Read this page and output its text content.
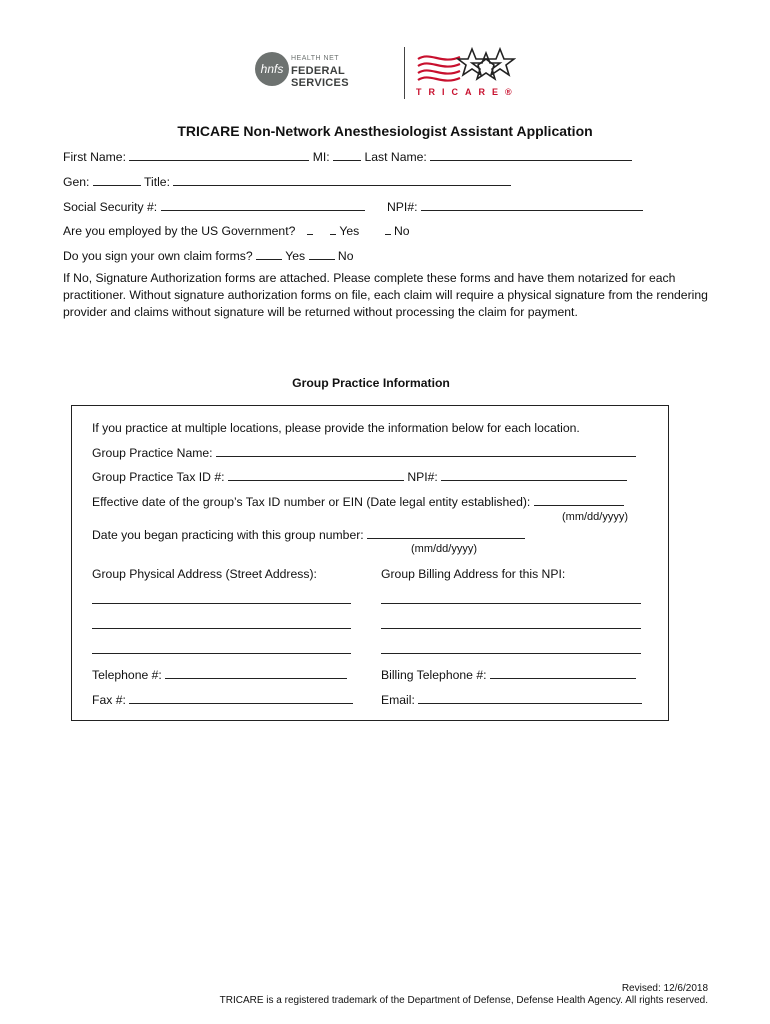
hnfs
HEALTH NET
FEDERAL SERVICES
TRICARE®
TRICARE Non-Network Anesthesiologist Assistant Application
First Name:	MI:	Last Name:
Gen:	Title:
Social Security #:	NPI#:
Are you employed by the US Government?	Yes	No
Do you sign your own claim forms?	Yes	No
If No, Signature Authorization forms are attached. Please complete these forms and have them notarized for each practitioner. Without signature authorization forms on file, each claim will require a physical signature from the rendering provider and claims without signature will be returned without processing the claim for payment.
Group Practice Information
If you practice at multiple locations, please provide the information below for each location.
Group Practice Name:
Group Practice Tax ID #:	NPI#:
Effective date of the group’s Tax ID number or EIN (Date legal entity established):
(mm/dd/yyyy)
Date you began practicing with this group number:
(mm/dd/yyyy)
Group Physical Address (Street Address):	Group Billing Address for this NPI:
Telephone #:	Billing Telephone #:
Fax #:	Email:
Revised: 12/6/2018
TRICARE is a registered trademark of the Department of Defense, Defense Health Agency. All rights reserved.
